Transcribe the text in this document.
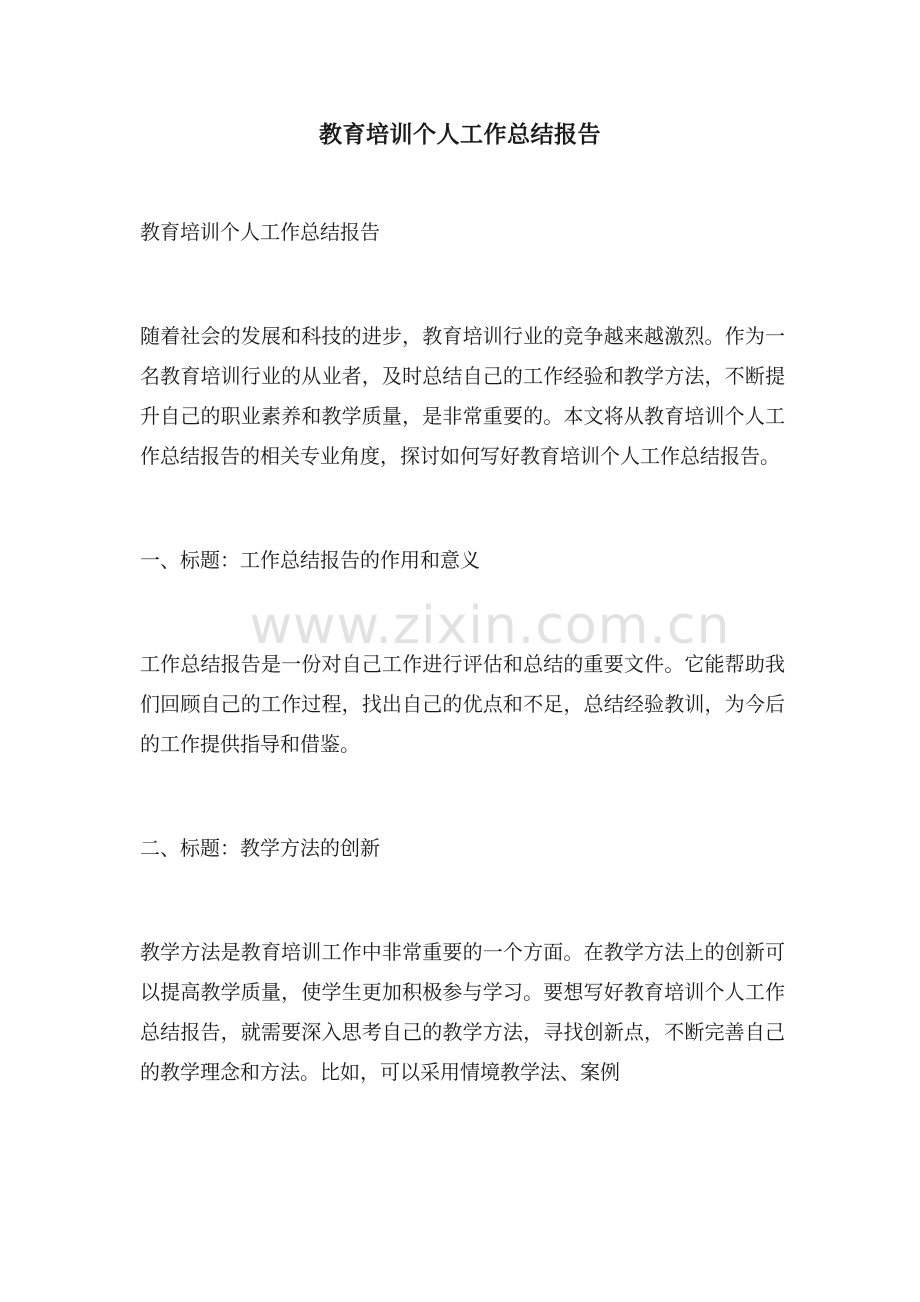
教育培训个人工作总结报告

教育培训个人工作总结报告

随着社会的发展和科技的进步，教育培训行业的竞争越来越激烈。作为一名教育培训行业的从业者，及时总结自己的工作经验和教学方法，不断提升自己的职业素养和教学质量，是非常重要的。本文将从教育培训个人工作总结报告的相关专业角度，探讨如何写好教育培训个人工作总结报告。

一、标题：工作总结报告的作用和意义

工作总结报告是一份对自己工作进行评估和总结的重要文件。它能帮助我们回顾自己的工作过程，找出自己的优点和不足，总结经验教训，为今后的工作提供指导和借鉴。

二、标题：教学方法的创新

教学方法是教育培训工作中非常重要的一个方面。在教学方法上的创新可以提高教学质量，使学生更加积极参与学习。要想写好教育培训个人工作总结报告，就需要深入思考自己的教学方法，寻找创新点，不断完善自己的教学理念和方法。比如，可以采用情境教学法、案例

www.zixin.com.cn
